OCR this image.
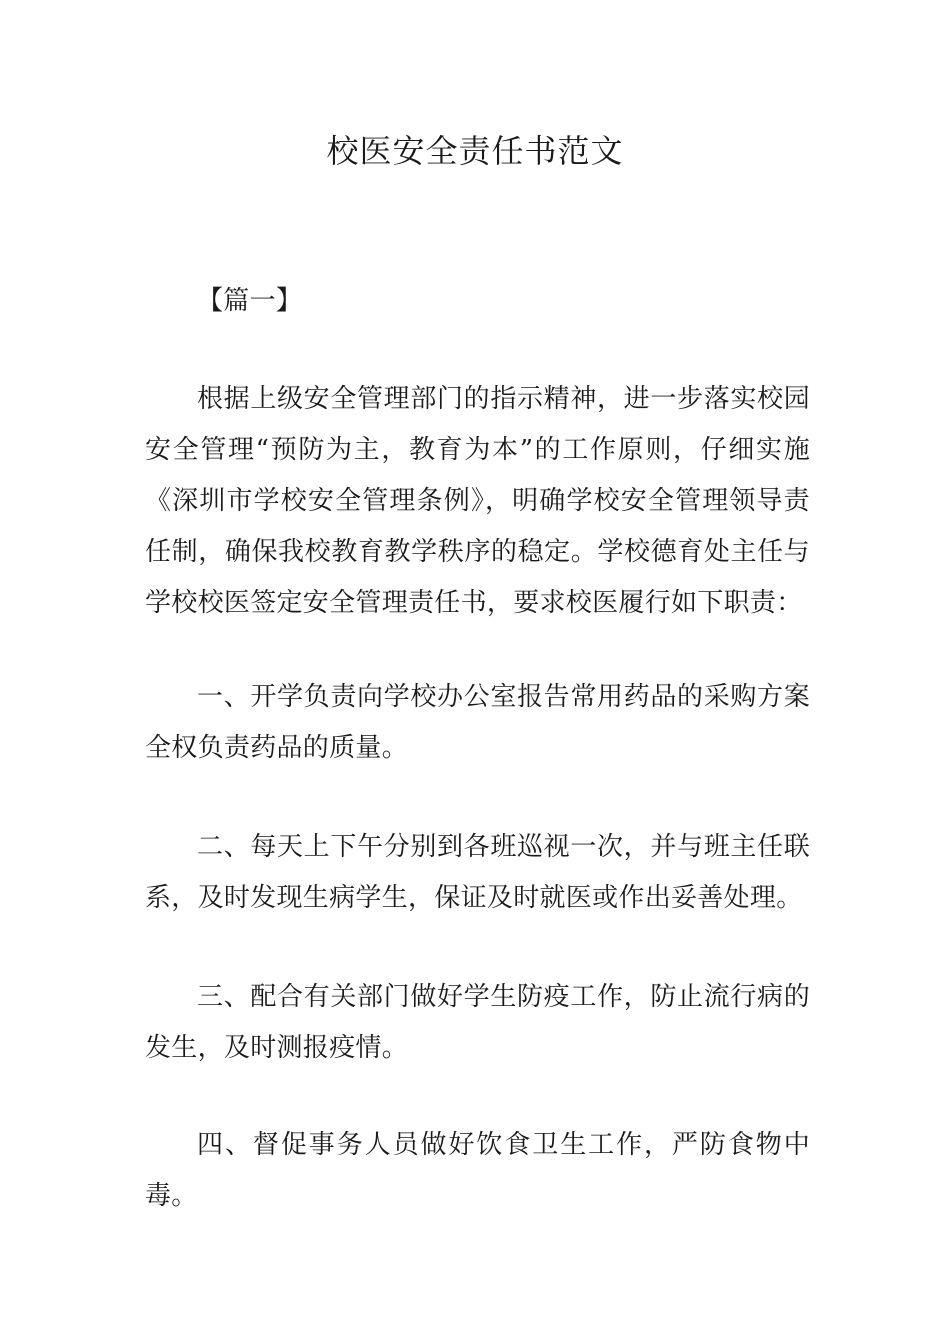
校医安全责任书范文

【篇一】

根据上级安全管理部门的指示精神，进一步落实校园安全管理“预防为主，教育为本”的工作原则，仔细实施《深圳市学校安全管理条例》，明确学校安全管理领导责任制，确保我校教育教学秩序的稳定。学校德育处主任与学校校医签定安全管理责任书，要求校医履行如下职责：

一、开学负责向学校办公室报告常用药品的采购方案全权负责药品的质量。

二、每天上下午分别到各班巡视一次，并与班主任联系，及时发现生病学生，保证及时就医或作出妥善处理。

三、配合有关部门做好学生防疫工作，防止流行病的发生，及时测报疫情。

四、督促事务人员做好饮食卫生工作，严防食物中毒。
